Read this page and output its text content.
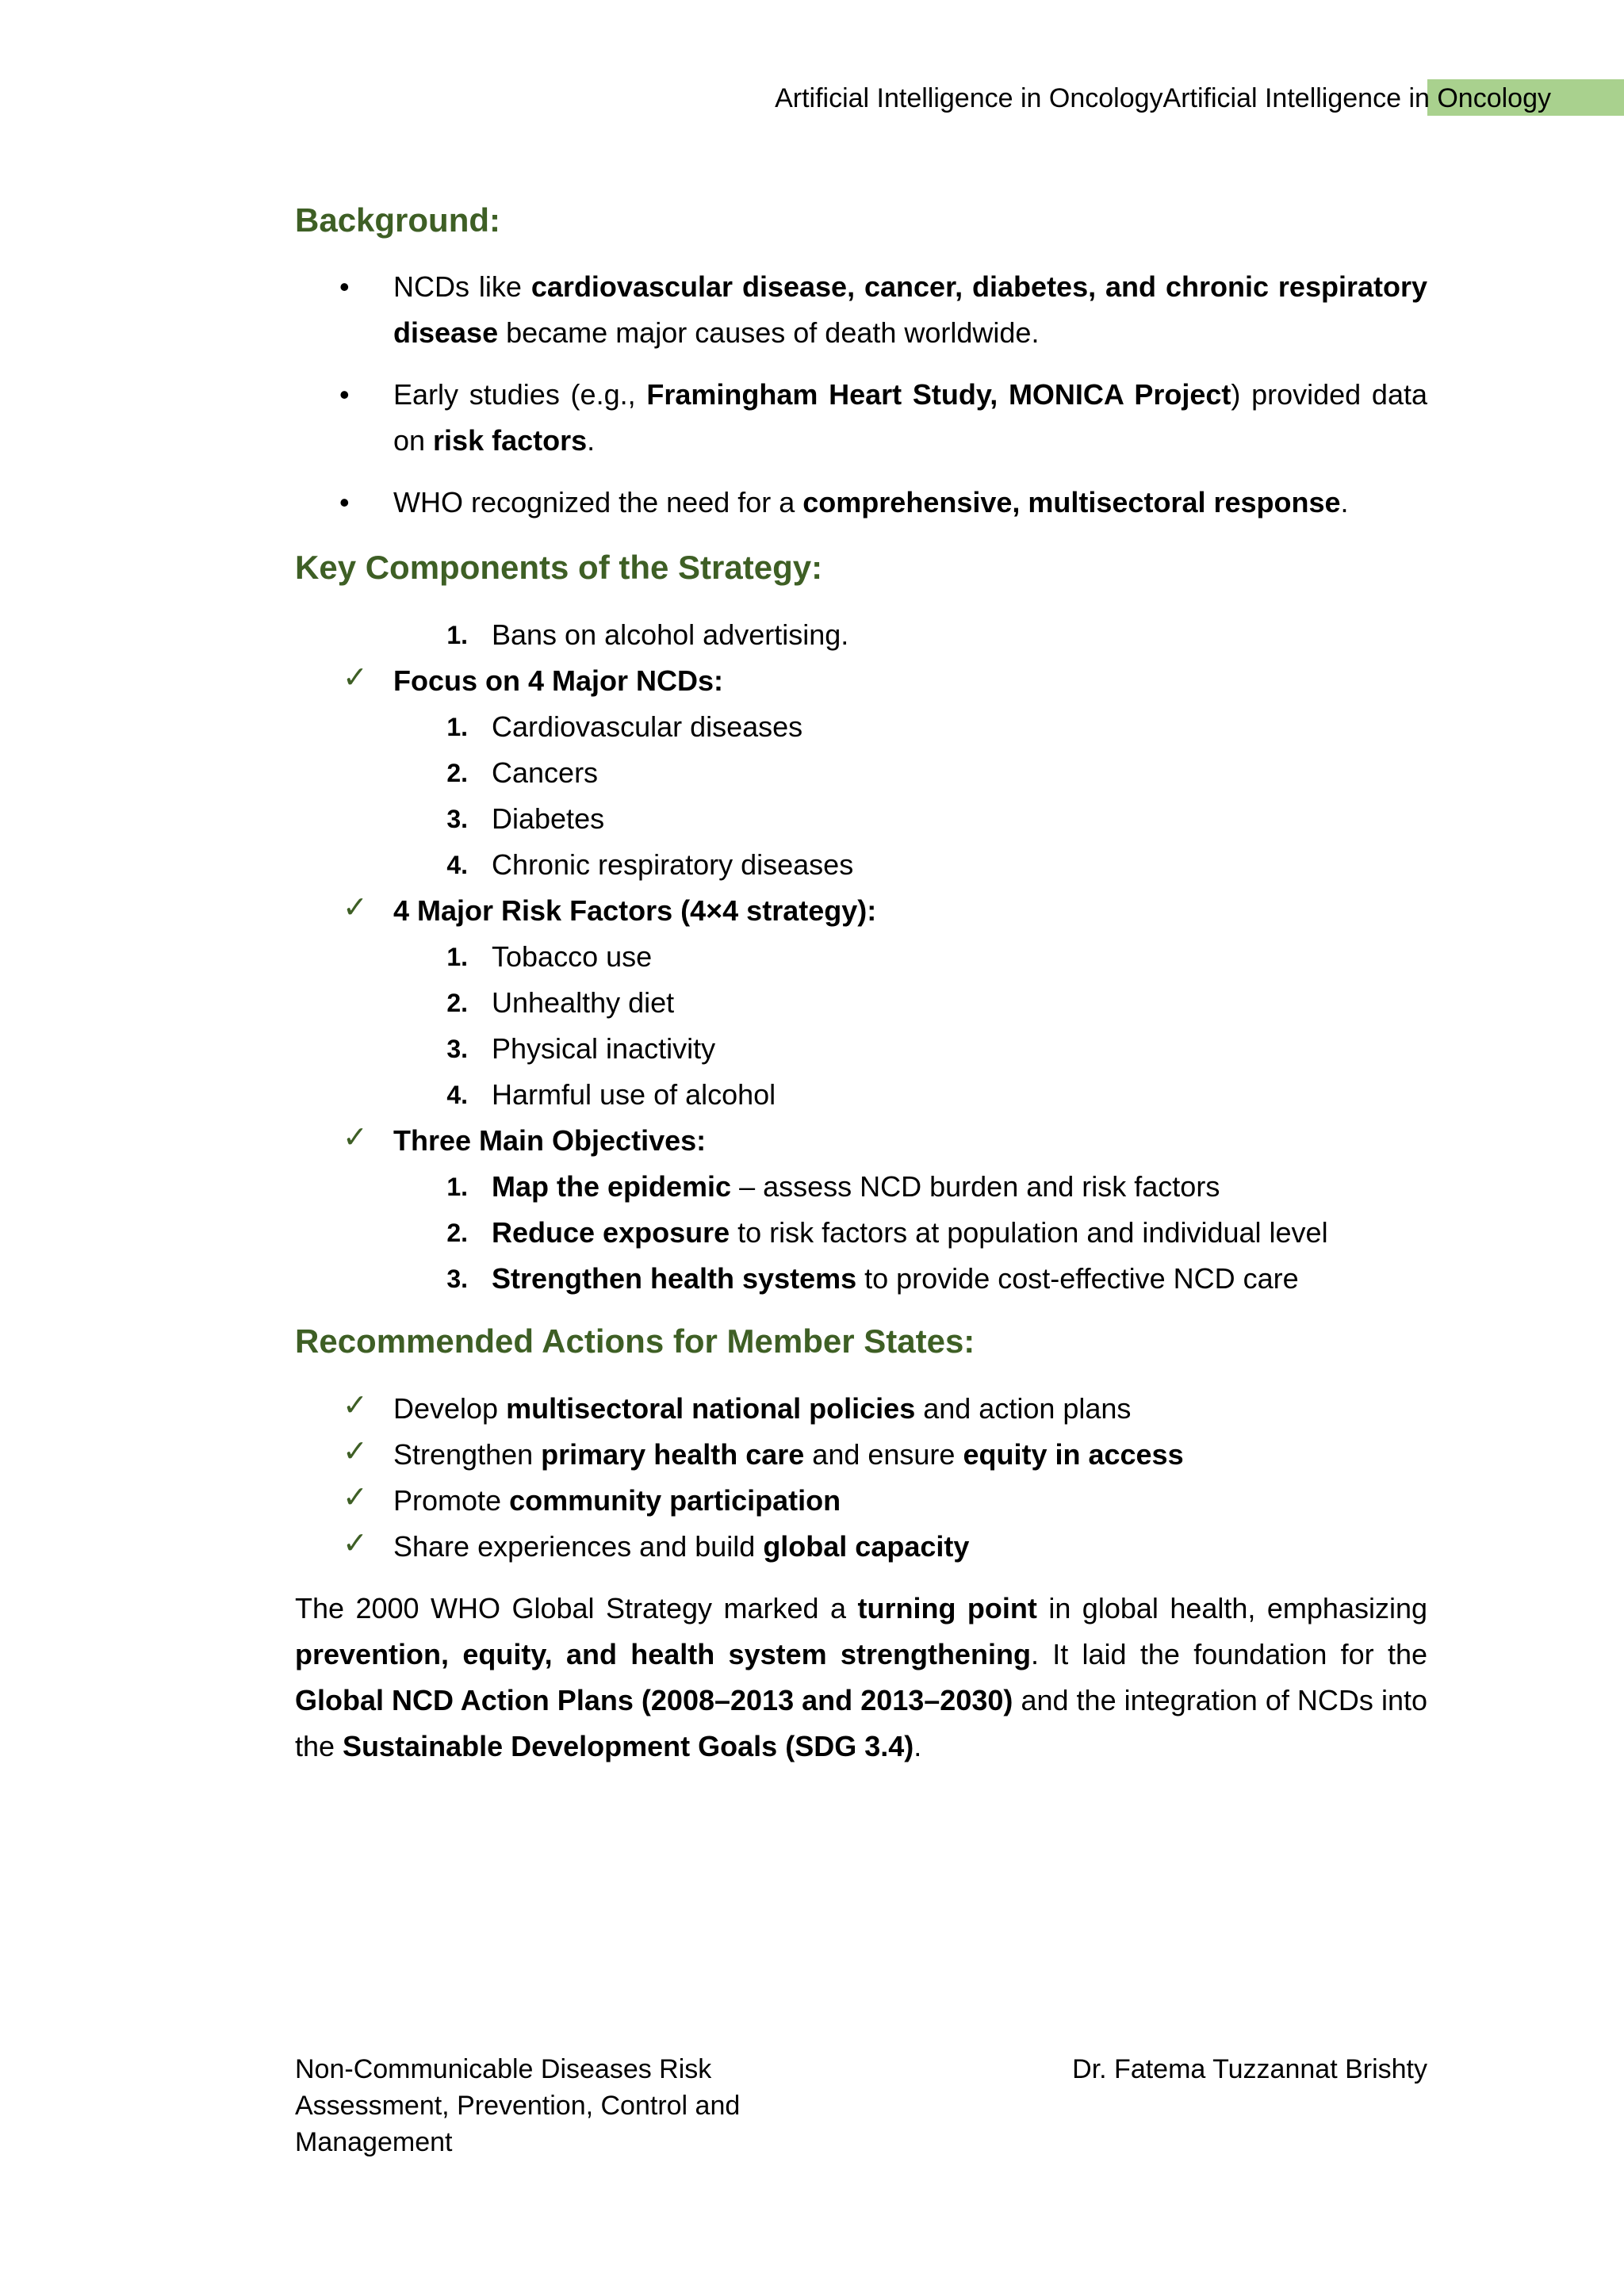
Artificial Intelligence in OncologyArtificial Intelligence in Oncology
Background:
• NCDs like cardiovascular disease, cancer, diabetes, and chronic respiratory disease became major causes of death worldwide.
• Early studies (e.g., Framingham Heart Study, MONICA Project) provided data on risk factors.
• WHO recognized the need for a comprehensive, multisectoral response.
Key Components of the Strategy:
1. Bans on alcohol advertising.
✓ Focus on 4 Major NCDs:
1. Cardiovascular diseases
2. Cancers
3. Diabetes
4. Chronic respiratory diseases
✓ 4 Major Risk Factors (4×4 strategy):
1. Tobacco use
2. Unhealthy diet
3. Physical inactivity
4. Harmful use of alcohol
✓ Three Main Objectives:
1. Map the epidemic – assess NCD burden and risk factors
2. Reduce exposure to risk factors at population and individual level
3. Strengthen health systems to provide cost-effective NCD care
Recommended Actions for Member States:
✓ Develop multisectoral national policies and action plans
✓ Strengthen primary health care and ensure equity in access
✓ Promote community participation
✓ Share experiences and build global capacity
The 2000 WHO Global Strategy marked a turning point in global health, emphasizing prevention, equity, and health system strengthening. It laid the foundation for the Global NCD Action Plans (2008–2013 and 2013–2030) and the integration of NCDs into the Sustainable Development Goals (SDG 3.4).
Non-Communicable Diseases Risk Assessment, Prevention, Control and Management
Dr. Fatema Tuzzannat Brishty
